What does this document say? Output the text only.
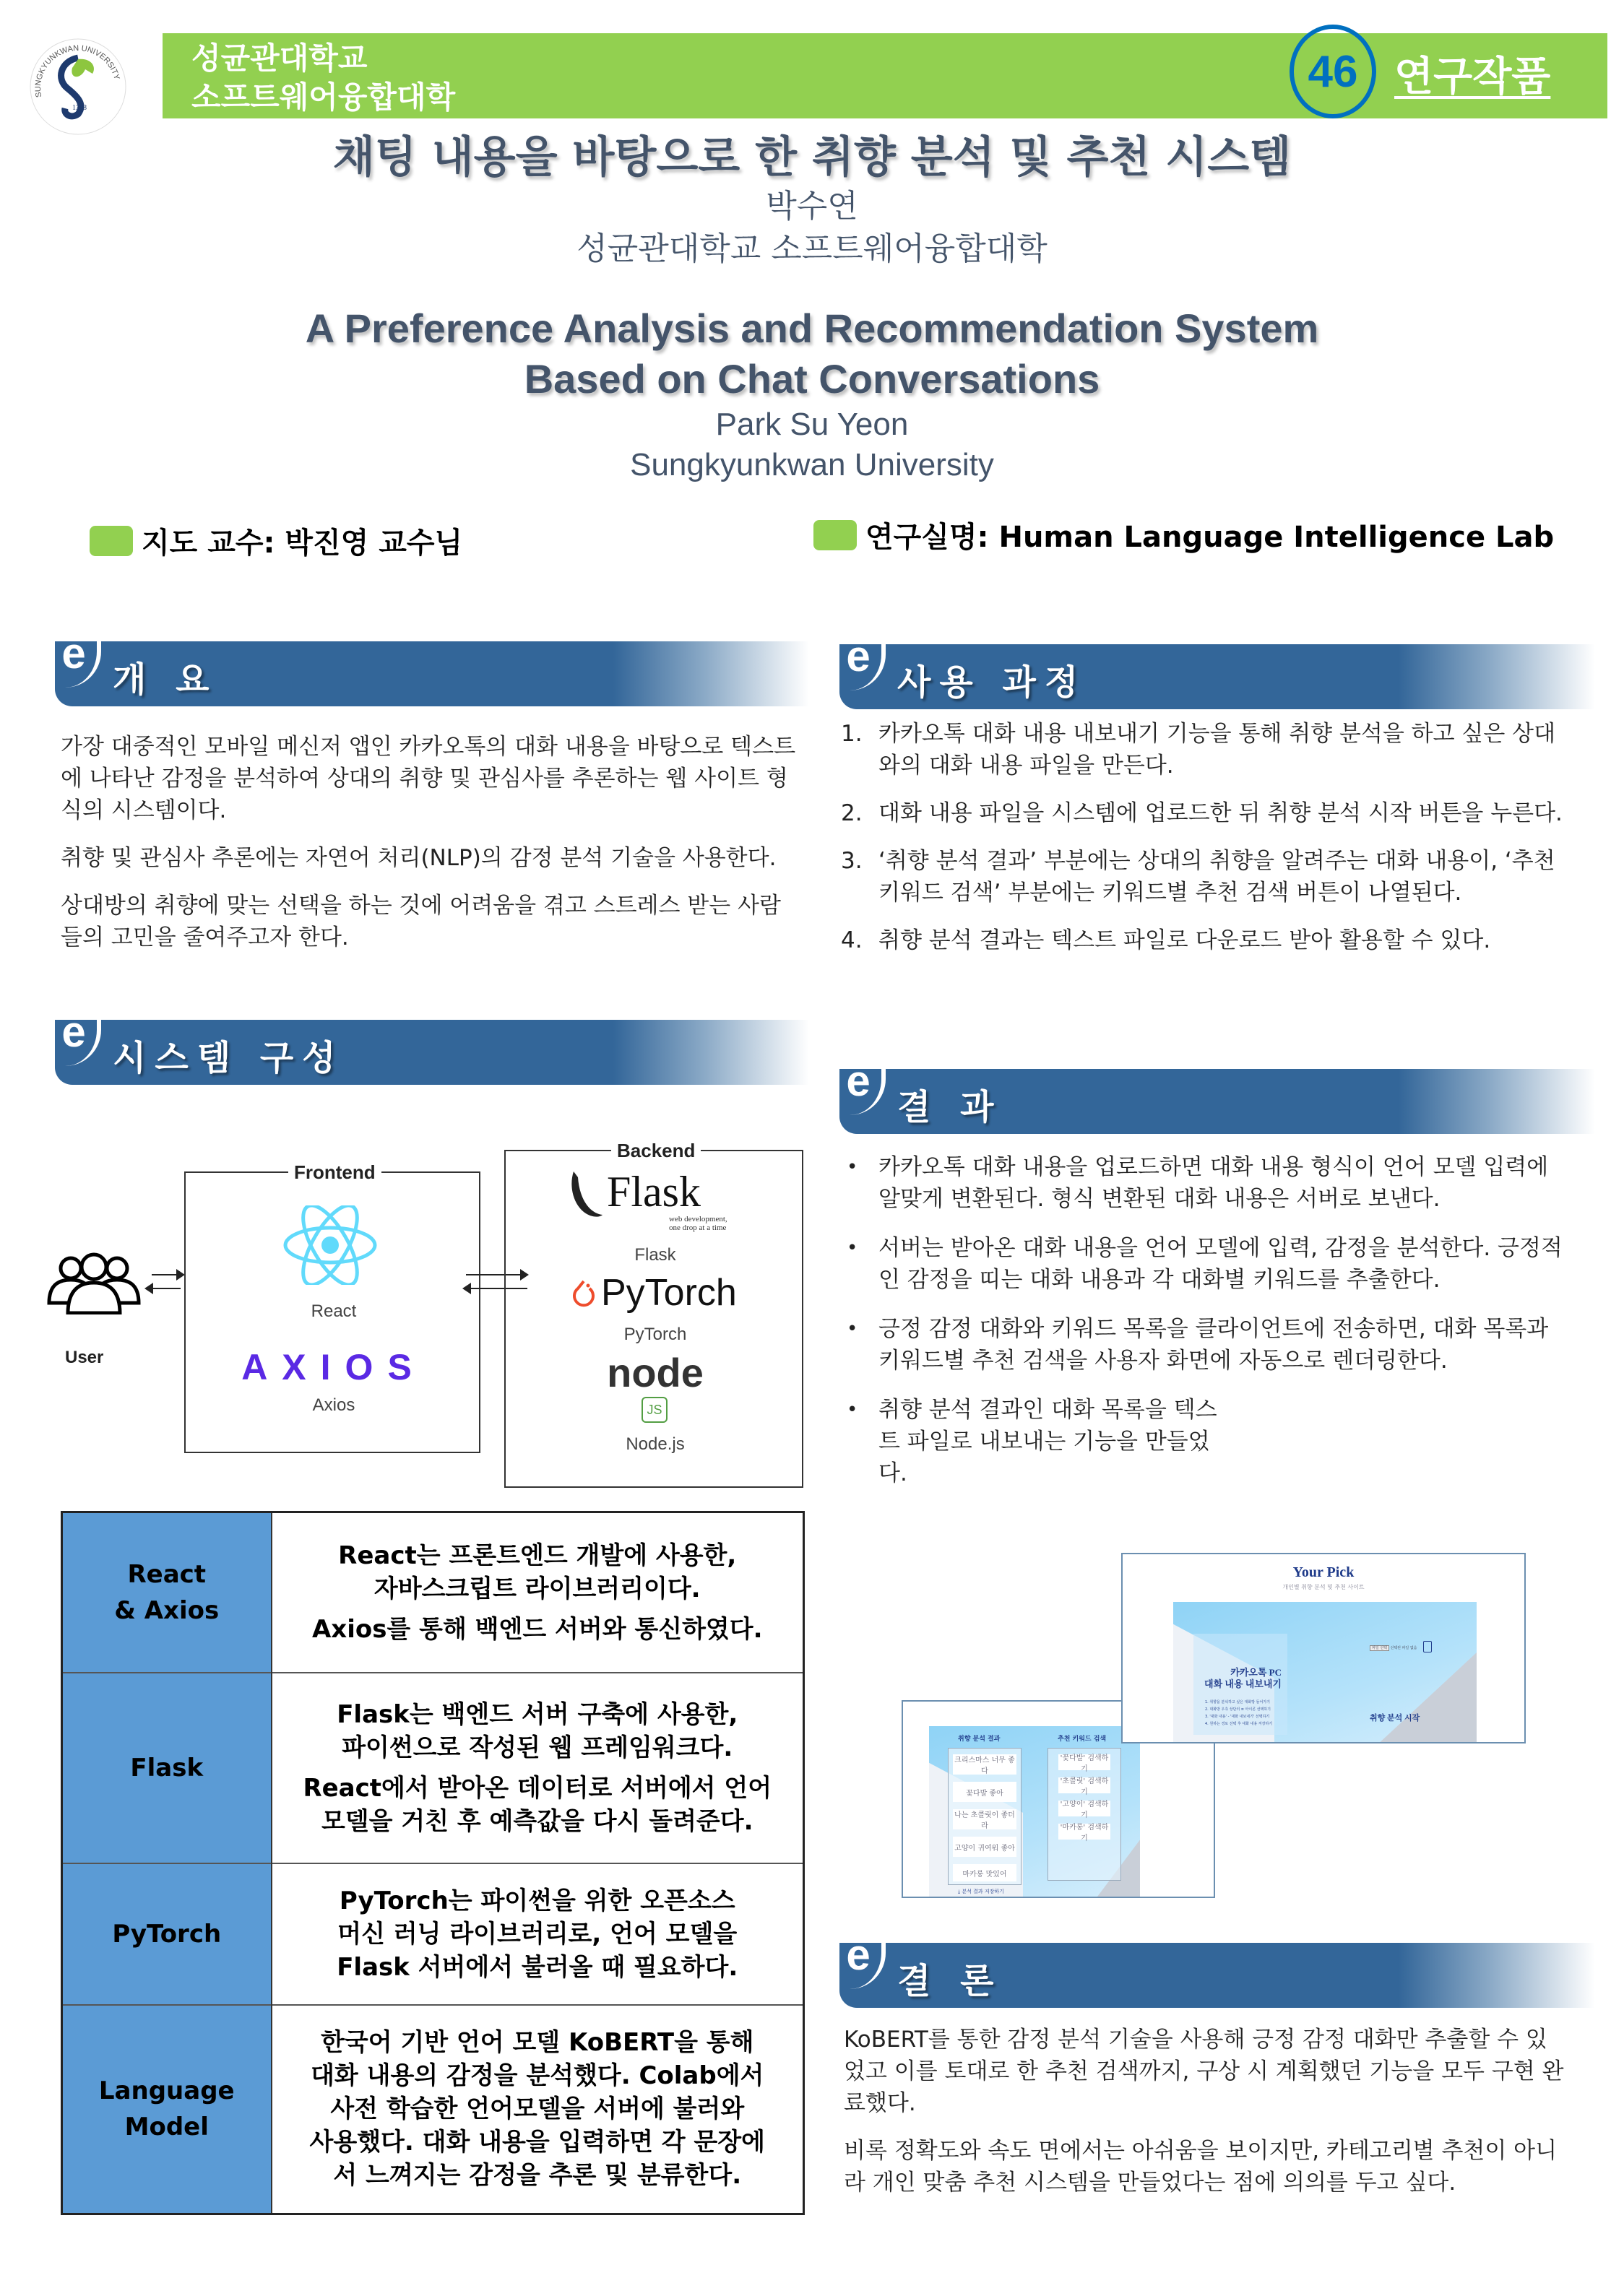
SUNGKYUNKWAN UNIVERSITY
1398
성균관대학교
소프트웨어융합대학
46 연구작품
채팅 내용을 바탕으로 한 취향 분석 및 추천 시스템
박수연
성균관대학교 소프트웨어융합대학
A Preference Analysis and Recommendation System
Based on Chat Conversations
Park Su Yeon
Sungkyunkwan University
지도 교수: 박진영 교수님	연구실명: Human Language Intelligence Lab
e
개 요

가장 대중적인 모바일 메신저 앱인 카카오톡의 대화 내용을 바탕으로 텍스트에 나타난 감정을 분석하여 상대의 취향 및 관심사를 추론하는 웹 사이트 형식의 시스템이다.

취향 및 관심사 추론에는 자연어 처리(NLP)의 감정 분석 기술을 사용한다.

상대방의 취향에 맞는 선택을 하는 것에 어려움을 겪고 스트레스 받는 사람들의 고민을 줄여주고자 한다.

e
시스템 구성
User
Frontend
React
AXIOS
Axios
Backend
Flask
web development,
one drop at a time
Flask
PyTorch
PyTorch
node
JS
Node.js
React
& Axios

React는 프론트엔드 개발에 사용한,
자바스크립트 라이브러리이다.
Axios를 통해 백엔드 서버와 통신하였다.

Flask	Flask는 백엔드 서버 구축에 사용한,
파이썬으로 작성된 웹 프레임워크다.
React에서 받아온 데이터로 서버에서 언어
모델을 거친 후 예측값을 다시 돌려준다.

PyTorch	PyTorch는 파이썬을 위한 오픈소스
머신 러닝 라이브러리로, 언어 모델을
Flask 서버에서 불러올 때 필요하다.

Language
Model

한국어 기반 언어 모델 KoBERT을 통해
대화 내용의 감정을 분석했다. Colab에서
사전 학습한 언어모델을 서버에 불러와
사용했다. 대화 내용을 입력하면 각 문장에
서 느껴지는 감정을 추론 및 분류한다.
e
사용 과정
1. 카카오톡 대화 내용 내보내기 기능을 통해 취향 분석을 하고 싶은 상대와의 대화 내용 파일을 만든다.
2. 대화 내용 파일을 시스템에 업로드한 뒤 취향 분석 시작 버튼을 누른다.
3. ‘취향 분석 결과’ 부분에는 상대의 취향을 알려주는 대화 내용이, ‘추천 키워드 검색’ 부분에는 키워드별 추천 검색 버튼이 나열된다.
4. 취향 분석 결과는 텍스트 파일로 다운로드 받아 활용할 수 있다.
e
결 과
• 카카오톡 대화 내용을 업로드하면 대화 내용 형식이 언어 모델 입력에 알맞게 변환된다. 형식 변환된 대화 내용은 서버로 보낸다.
• 서버는 받아온 대화 내용을 언어 모델에 입력, 감정을 분석한다. 긍정적인 감정을 띠는 대화 내용과 각 대화별 키워드를 추출한다.
• 긍정 감정 대화와 키워드 목록을 클라이언트에 전송하면, 대화 목록과 키워드별 추천 검색을 사용자 화면에 자동으로 렌더링한다.
• 취향 분석 결과인 대화 목록을 텍스트 파일로 내보내는 기능을 만들었다.
취향 분석 결과	추천 키워드 검색
크리스마스 너무 좋다
꽃다발 좋아
나는 초콜릿이 좋더라
고양이 귀여워 좋아
마카롱 맛있어
'꽃다발' 검색하기
'초콜릿' 검색하기
'고양이' 검색하기
'마카롱' 검색하기
⤓ 분석 결과 저장하기
Your Pick
개인별 취향 분석 및 추천 사이트
카카오톡 PC
대화 내용 내보내기
1. 취향을 분석하고 싶은 대화방 들어가기
2. 대화방 우측 상단의 ≡ 아이콘 선택하기
3. '대화 내용' - '대화 내보내기' 선택하기
4. 원하는 경로 선택 후 대화 내용 저장하기
파일 선택 선택된 파일 없음
취향 분석 시작
e
결 론

KoBERT를 통한 감정 분석 기술을 사용해 긍정 감정 대화만 추출할 수 있었고 이를 토대로 한 추천 검색까지, 구상 시 계획했던 기능을 모두 구현 완료했다.

비록 정확도와 속도 면에서는 아쉬움을 보이지만, 카테고리별 추천이 아니라 개인 맞춤 추천 시스템을 만들었다는 점에 의의를 두고 싶다.
